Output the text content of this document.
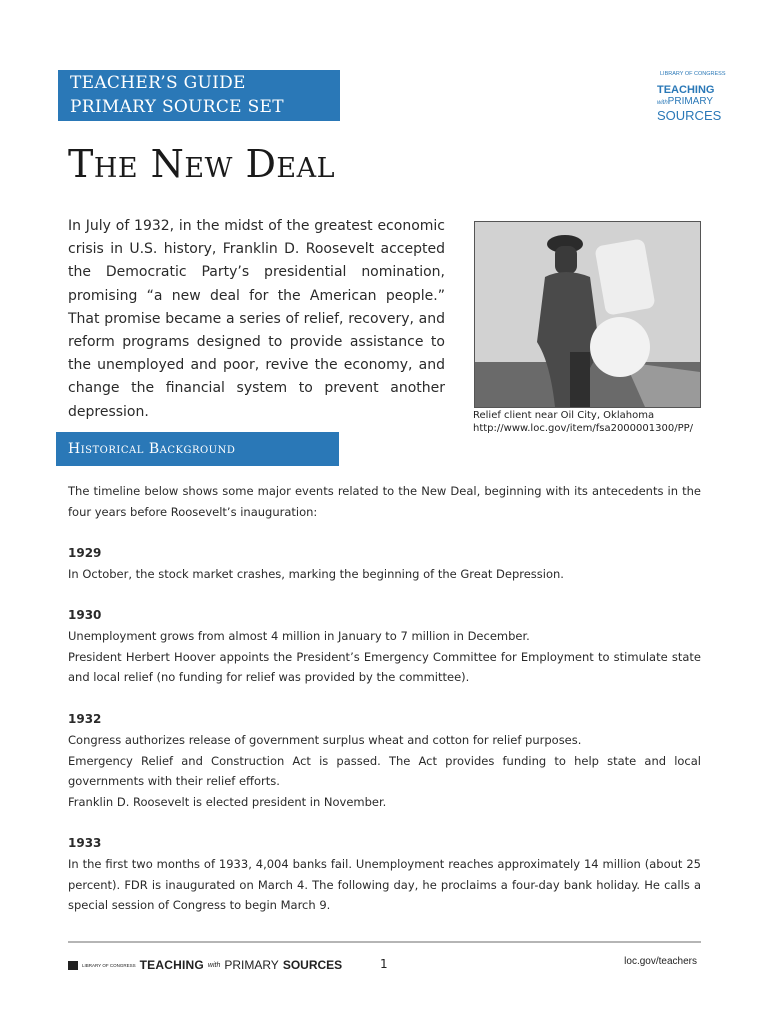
TEACHER’S GUIDE
PRIMARY SOURCE SET
LIBRARY OF CONGRESS
TEACHING
withPRIMARY
SOURCES
The New Deal

In July of 1932, in the midst of the greatest economic crisis in U.S. history, Franklin D. Roosevelt accepted the Democratic Party’s presidential nomination, promising “a new deal for the American people.” That promise became a series of relief, recovery, and reform programs designed to provide assistance to the unemployed and poor, revive the economy, and change the financial system to prevent another depression.	Relief client near Oil City, Oklahoma
http://www.loc.gov/item/fsa2000001300/PP/
Historical Background

The timeline below shows some major events related to the New Deal, beginning with its antecedents in the four years before Roosevelt’s inauguration:

1929

In October, the stock market crashes, marking the beginning of the Great Depression.

1930

Unemployment grows from almost 4 million in January to 7 million in December.

President Herbert Hoover appoints the President’s Emergency Committee for Employment to stimulate state and local relief (no funding for relief was provided by the committee).

1932

Congress authorizes release of government surplus wheat and cotton for relief purposes.

Emergency Relief and Construction Act is passed. The Act provides funding to help state and local governments with their relief efforts.

Franklin D. Roosevelt is elected president in November.

1933

In the first two months of 1933, 4,004 banks fail. Unemployment reaches approximately 14 million (about 25 percent). FDR is inaugurated on March 4. The following day, he proclaims a four-day bank holiday. He calls a special session of Congress to begin March 9.

LIBRARY OF CONGRESS TEACHING with PRIMARY SOURCES	1	loc.gov/teachers
